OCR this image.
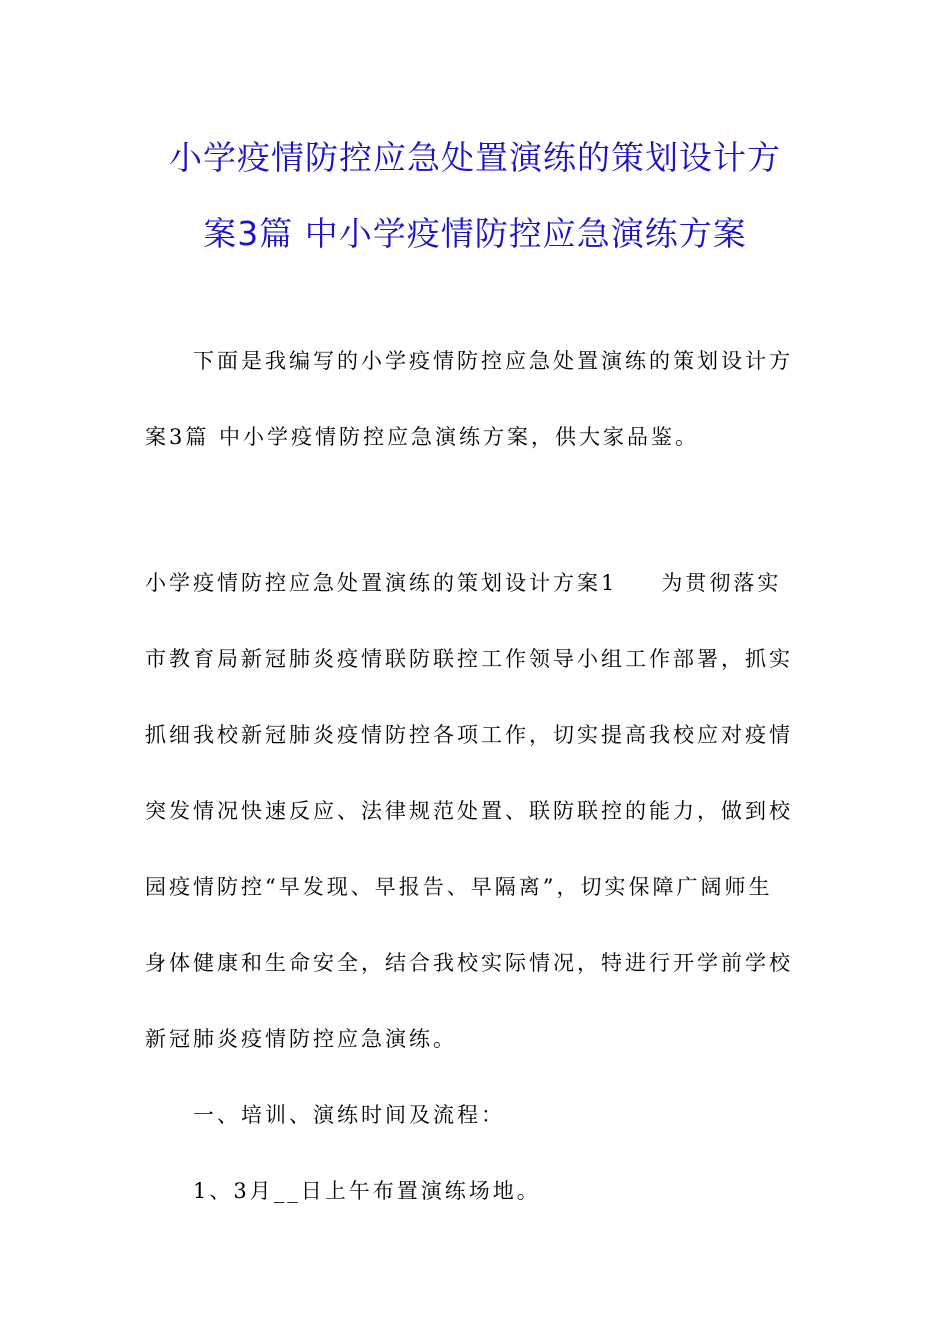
小学疫情防控应急处置演练的策划设计方
案3篇 中小学疫情防控应急演练方案
下面是我编写的小学疫情防控应急处置演练的策划设计方
案3篇 中小学疫情防控应急演练方案，供大家品鉴。
小学疫情防控应急处置演练的策划设计方案1 为贯彻落实
市教育局新冠肺炎疫情联防联控工作领导小组工作部署，抓实
抓细我校新冠肺炎疫情防控各项工作，切实提高我校应对疫情
突发情况快速反应、法律规范处置、联防联控的能力，做到校
园疫情防控“早发现、早报告、早隔离”，切实保障广阔师生
身体健康和生命安全，结合我校实际情况，特进行开学前学校
新冠肺炎疫情防控应急演练。
一、培训、演练时间及流程：
1、3月__日上午布置演练场地。
